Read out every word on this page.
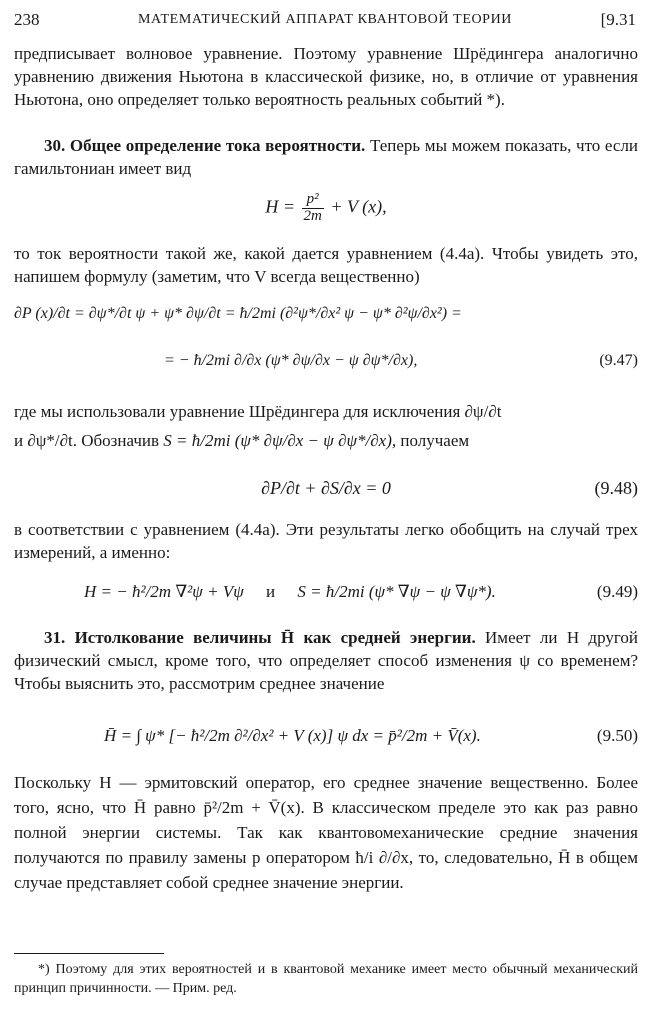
238	МАТЕМАТИЧЕСКИЙ АППАРАТ КВАНТОВОЙ ТЕОРИИ	[9.31
предписывает волновое уравнение. Поэтому уравнение Шрёдингера аналогично уравнению движения Ньютона в классической физике, но, в отличие от уравнения Ньютона, оно определяет только вероятность реальных событий *).
30. Общее определение тока вероятности. Теперь мы можем показать, что если гамильтониан имеет вид
$H = \frac{\text{p²}}{2m} + V$ (x),
то ток вероятности такой же, какой дается уравнением (4.4a). Чтобы увидеть это, напишем формулу (заметим, что V всегда вещественно)
∂P (x)/∂t = ∂ψ*/∂t ψ + ψ* ∂ψ/∂t = ħ/2mi (∂²ψ*/∂x² ψ − ψ* ∂²ψ/∂x²) =
= − ħ/2mi ∂/∂x (ψ* ∂ψ/∂x − ψ ∂ψ*/∂x),	(9.47)
где мы использовали уравнение Шрёдингера для исключения ∂ψ/∂t
и ∂ψ*/∂t. Обозначив S = ħ/2mi (ψ* ∂ψ/∂x − ψ ∂ψ*/∂x), получаем
∂P/∂t + ∂S/∂x = 0	(9.48)
в соответствии с уравнением (4.4a). Эти результаты легко обобщить на случай трех измерений, а именно:
H = − ħ²/2m ∇²ψ + Vψ и S = ħ/2mi (ψ* ∇ψ − ψ ∇ψ*).	(9.49)
31. Истолкование величины H̄ как средней энергии. Имеет ли H другой физический смысл, кроме того, что определяет способ изменения ψ со временем? Чтобы выяснить это, рассмотрим среднее значение
H̄ = ∫ ψ* [− ħ²/2m ∂²/∂x² + V (x)] ψ dx = p̄²/2m + V̄(x).	(9.50)
Поскольку H — эрмитовский оператор, его среднее значение вещественно. Более того, ясно, что H̄ равно p̄²/2m + V̄(x). В классическом пределе это как раз равно полной энергии системы. Так как квантовомеханические средние значения получаются по правилу замены p оператором ħ/i ∂/∂x, то, следовательно, H̄ в общем случае представляет собой среднее значение энергии.
*) Поэтому для этих вероятностей и в квантовой механике имеет место обычный механический принцип причинности. — Прим. ред.
